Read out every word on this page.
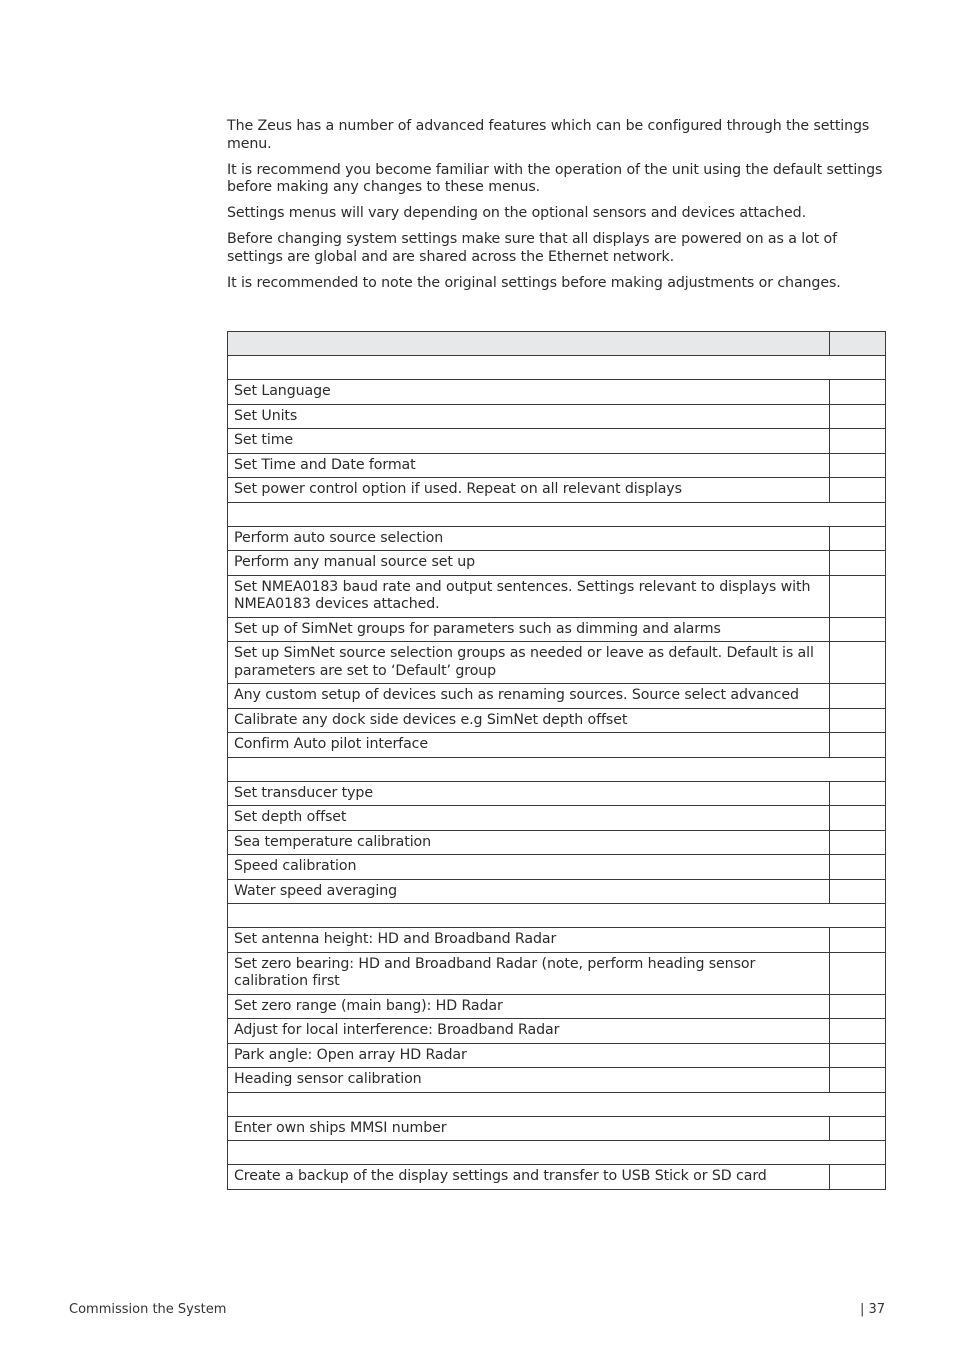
The Zeus has a number of advanced features which can be configured through the settings menu.

It is recommend you become familiar with the operation of the unit using the default settings before making any changes to these menus.

Settings menus will vary depending on the optional sensors and devices attached.

Before changing system settings make sure that all displays are powered on as a lot of settings are global and are shared across the Ethernet network.

It is recommended to note the original settings before making adjustments or changes.

Set Language	
Set Units	
Set time	
Set Time and Date format	
Set power control option if used. Repeat on all relevant displays	

Perform auto source selection	
Perform any manual source set up	
Set NMEA0183 baud rate and output sentences. Settings relevant to displays with NMEA0183 devices attached.	
Set up of SimNet groups for parameters such as dimming and alarms	
Set up SimNet source selection groups as needed or leave as default. Default is all parameters are set to ‘Default’ group	
Any custom setup of devices such as renaming sources. Source select advanced	
Calibrate any dock side devices e.g SimNet depth offset	
Confirm Auto pilot interface	

Set transducer type	
Set depth offset	
Sea temperature calibration	
Speed calibration	
Water speed averaging	

Set antenna height: HD and Broadband Radar	
Set zero bearing: HD and Broadband Radar (note, perform heading sensor calibration first	
Set zero range (main bang): HD Radar	
Adjust for local interference: Broadband Radar	
Park angle: Open array HD Radar	
Heading sensor calibration	

Enter own ships MMSI number	

Create a backup of the display settings and transfer to USB Stick or SD card	
Commission the System	| 37
